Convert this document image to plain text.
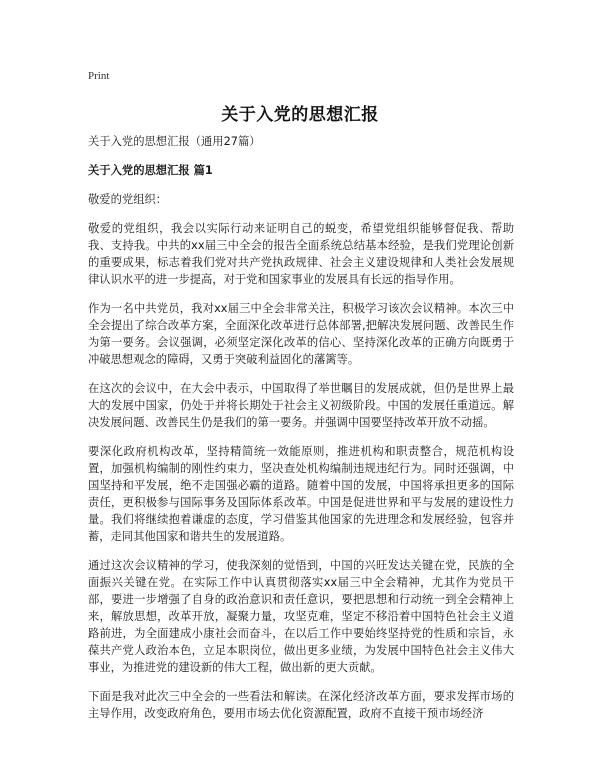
Print
关于入党的思想汇报

关于入党的思想汇报（通用27篇）

关于入党的思想汇报 篇1

敬爱的党组织：

敬爱的党组织，我会以实际行动来证明自己的蜕变，希望党组织能够督促我、帮助我、支持我。中共的xx届三中全会的报告全面系统总结基本经验，是我们党理论创新的重要成果，标志着我们党对共产党执政规律、社会主义建设规律和人类社会发展规律认识水平的进一步提高，对于党和国家事业的发展具有长远的指导作用。

作为一名中共党员，我对xx届三中全会非常关注，积极学习该次会议精神。本次三中全会提出了综合改革方案，全面深化改革进行总体部署,把解决发展问题、改善民生作为第一要务。会议强调，必须坚定深化改革的信心、坚持深化改革的正确方向既勇于冲破思想观念的障碍，又勇于突破利益固化的藩篱等。

在这次的会议中，在大会中表示，中国取得了举世瞩目的发展成就，但仍是世界上最大的发展中国家，仍处于并将长期处于社会主义初级阶段。中国的发展任重道远。解决发展问题、改善民生仍是我们的第一要务。并强调中国要坚持改革开放不动摇。

要深化政府机构改革，坚持精简统一效能原则，推进机构和职责整合，规范机构设置，加强机构编制的刚性约束力，坚决查处机构编制违规违纪行为。同时还强调，中国坚持和平发展，绝不走国强必霸的道路。随着中国的发展，中国将承担更多的国际责任，更积极参与国际事务及国际体系改革。中国是促进世界和平与发展的建设性力量。我们将继续抱着谦虚的态度，学习借鉴其他国家的先进理念和发展经验，包容并蓄，走同其他国家和谐共生的发展道路。

通过这次会议精神的学习，使我深刻的觉悟到，中国的兴旺发达关键在党，民族的全面振兴关键在党。在实际工作中认真贯彻落实xx届三中全会精神，尤其作为党员干部，要进一步增强了自身的政治意识和责任意识，要把思想和行动统一到全会精神上来，解放思想，改革开放，凝聚力量，攻坚克难，坚定不移沿着中国特色社会主义道路前进，为全面建成小康社会而奋斗，在以后工作中要始终坚持党的性质和宗旨，永葆共产党人政治本色，立足本职岗位，做出更多业绩，为发展中国特色社会主义伟大事业，为推进党的建设新的伟大工程，做出新的更大贡献。

下面是我对此次三中全会的一些看法和解读。在深化经济改革方面，要求发挥市场的主导作用，改变政府角色，要用市场去优化资源配置，政府不直接干预市场经济
